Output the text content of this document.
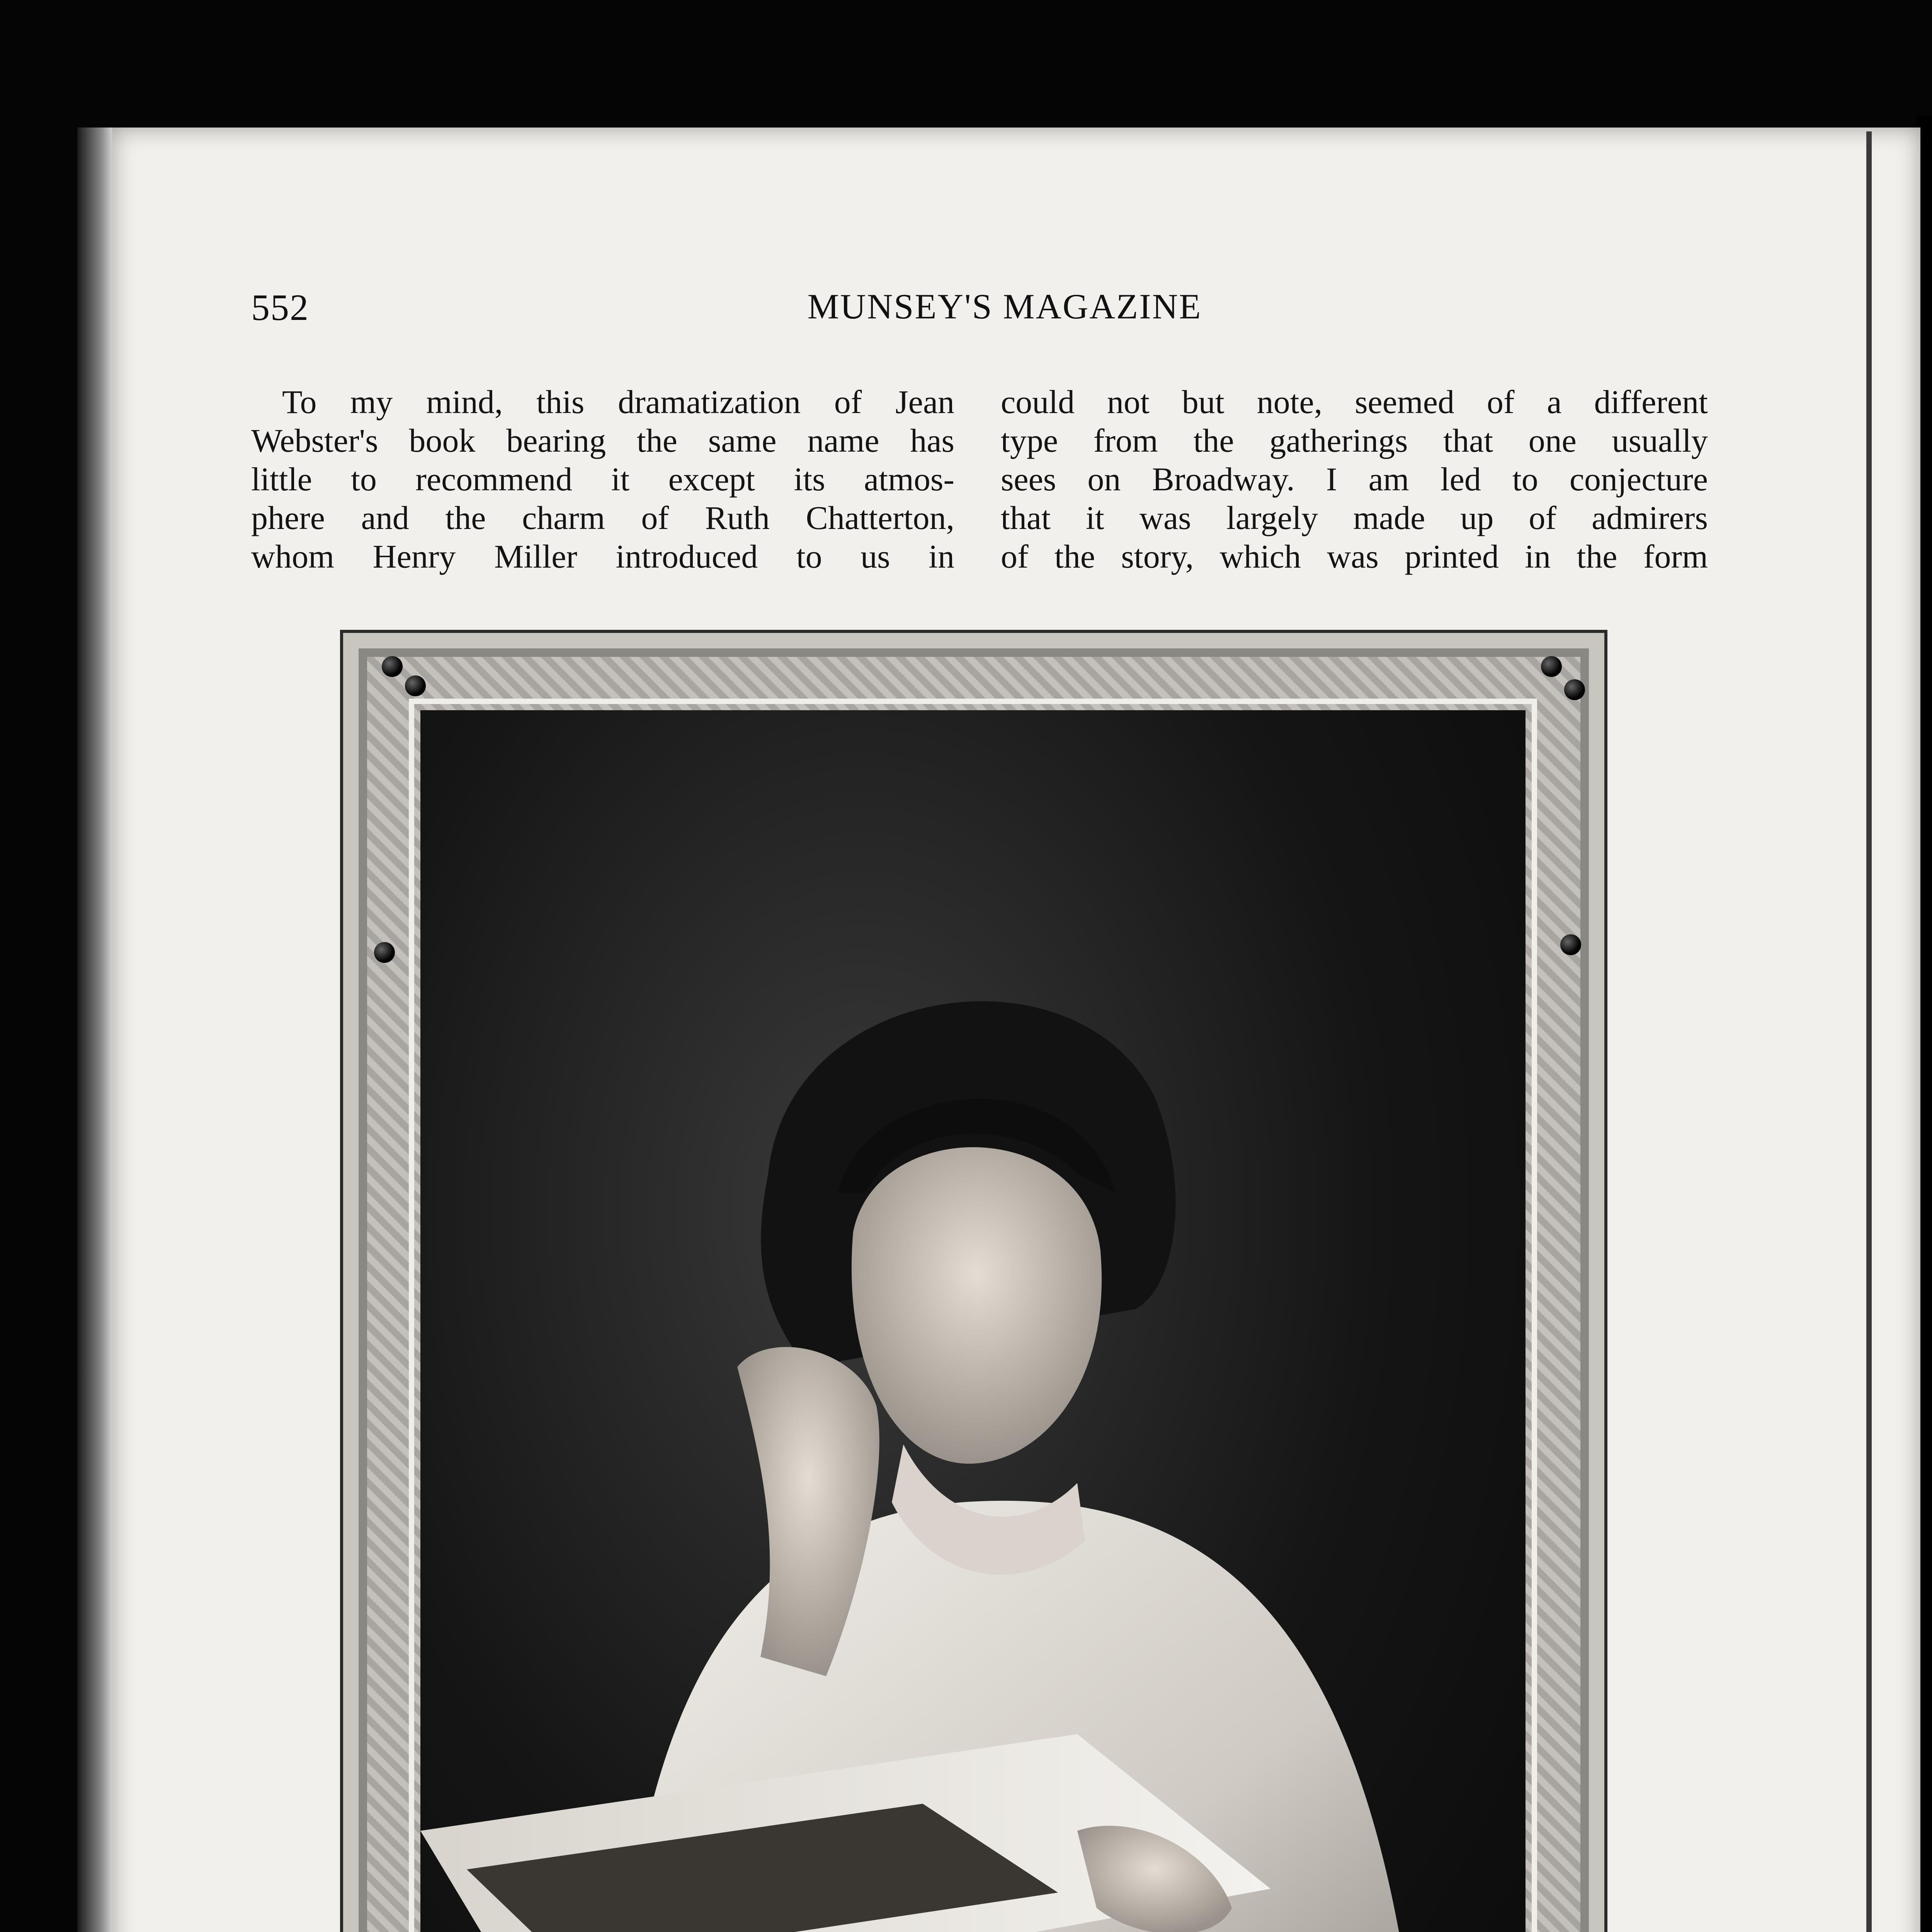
552	MUNSEY'S MAGAZINE
To my mind, this dramatization of Jean
Webster's book bearing the same name has
little to recommend it except its atmos-
phere and the charm of Ruth Chatterton,
whom Henry Miller introduced to us in
could not but note, seemed of a different
type from the gatherings that one usually
sees on Broadway. I am led to conjecture
that it was largely made up of admirers
of the story, which was printed in the form
